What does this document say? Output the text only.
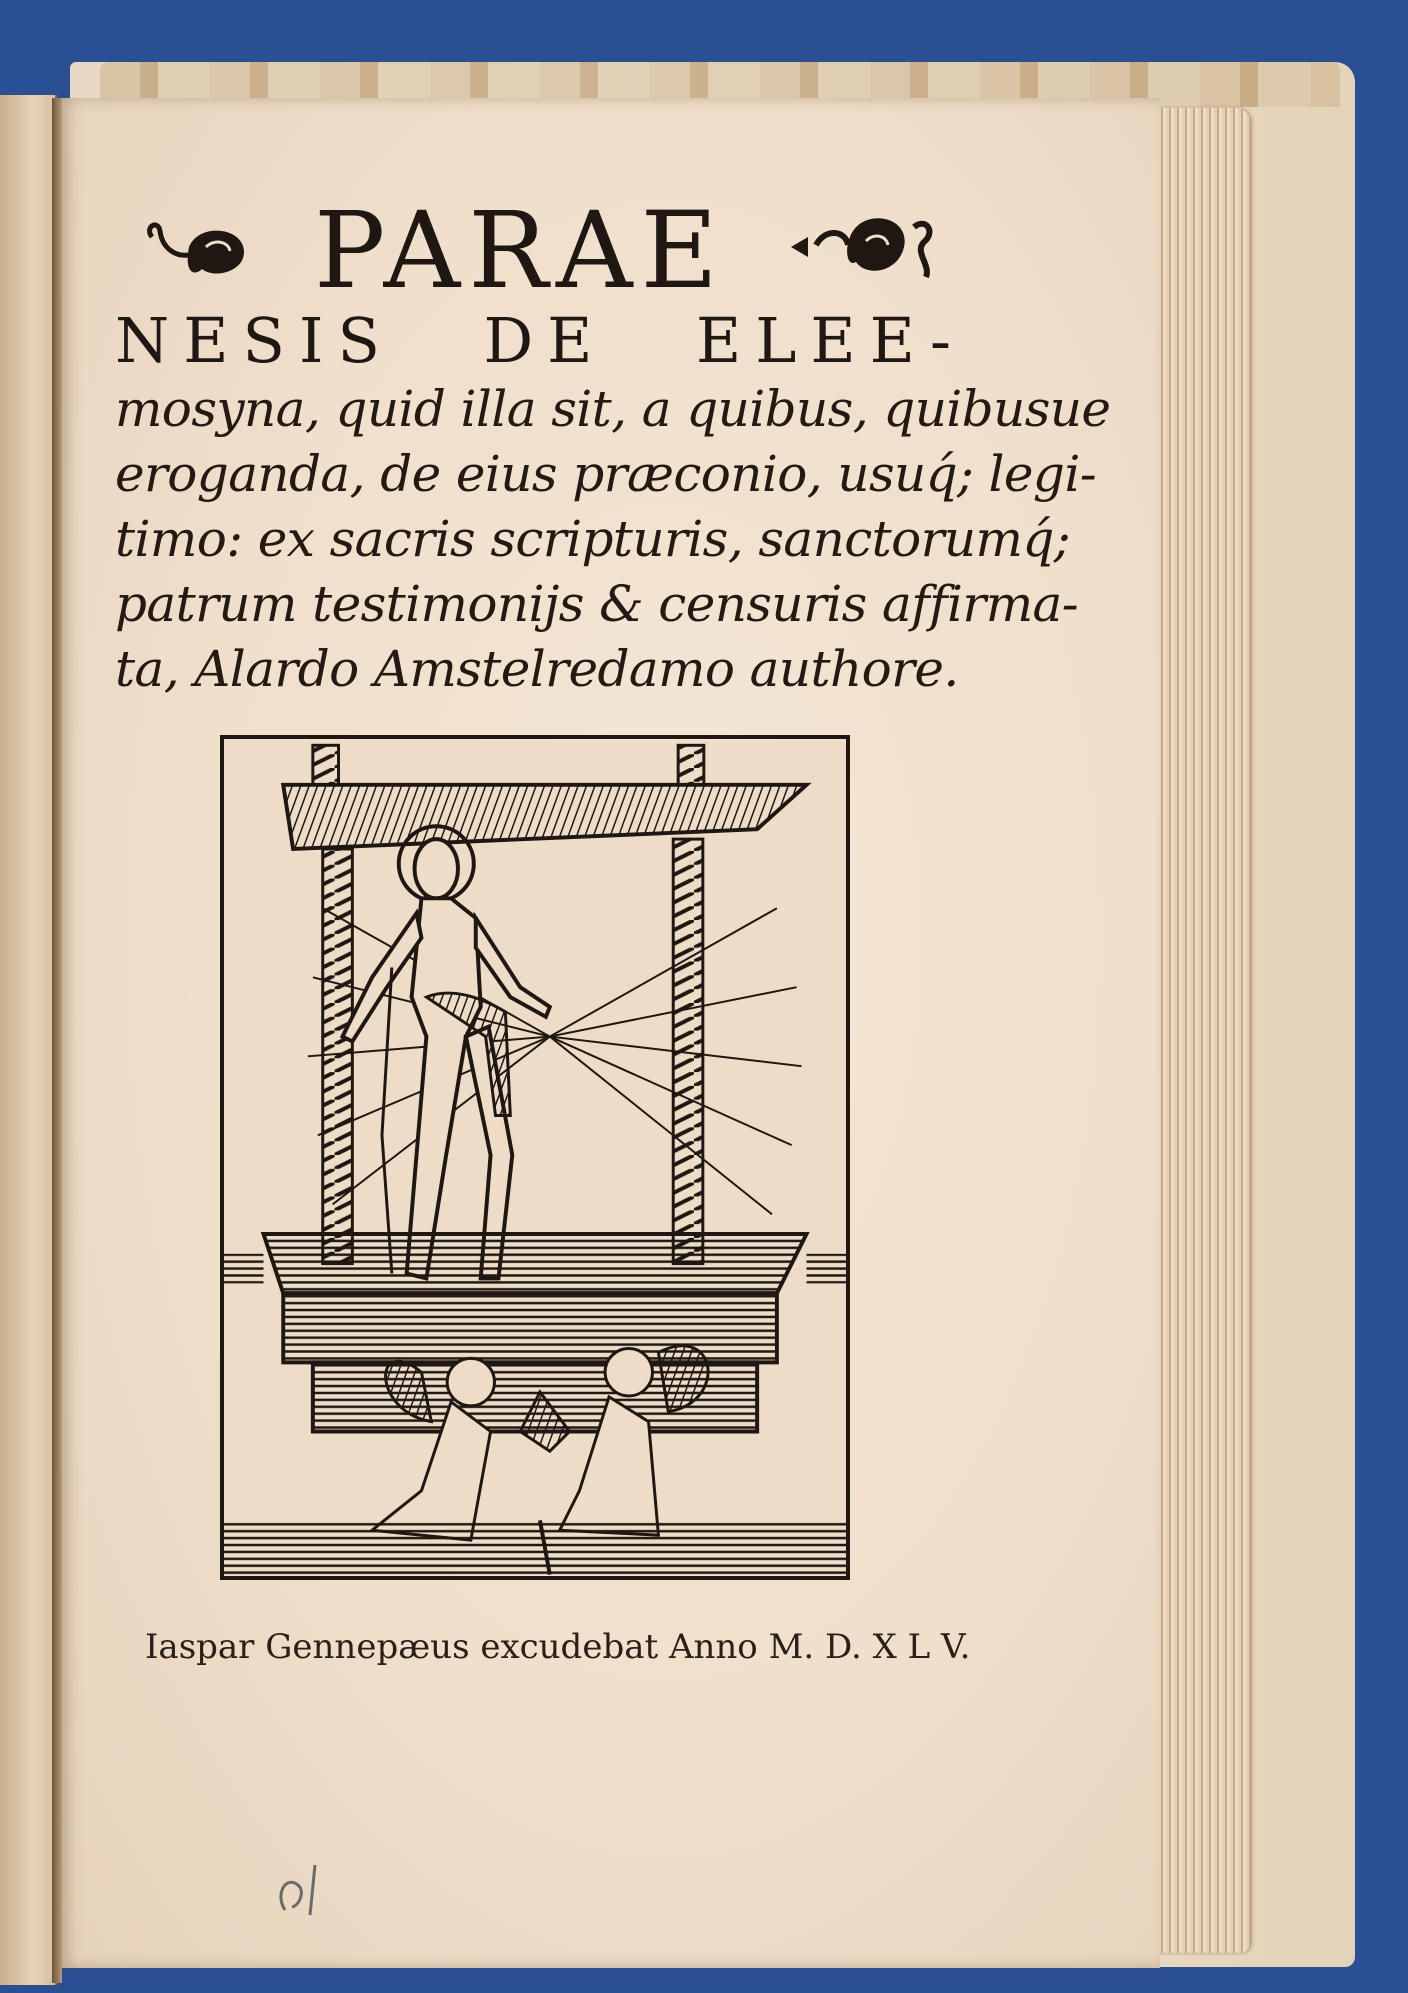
PARAE
NESIS DE ELEE-
mosyna, quid illa sit, a quibus, quibusue
eroganda, de eius præconio, usuq́; legi-
timo: ex sacris scripturis, sanctorumq́;
patrum testimonijs & censuris affirma-
ta, Alardo Amstelredamo authore.
Iaspar Gennepæus excudebat Anno M. D. X L V.
